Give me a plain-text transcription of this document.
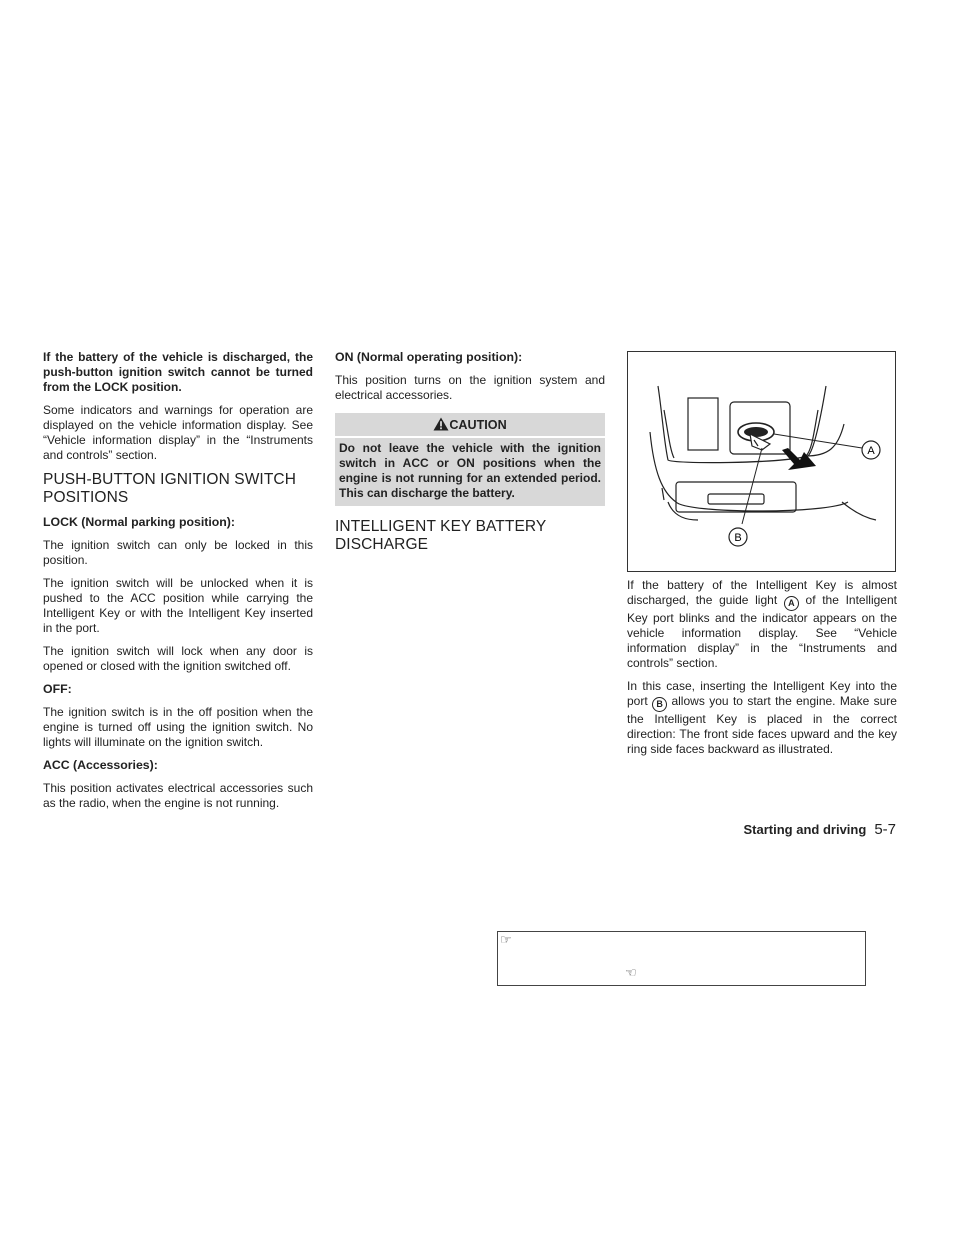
If the battery of the vehicle is discharged, the push-button ignition switch cannot be turned from the LOCK position.

Some indicators and warnings for operation are displayed on the vehicle information display. See “Vehicle information display” in the “Instruments and controls” section.

PUSH-BUTTON IGNITION SWITCH POSITIONS
LOCK (Normal parking position):

The ignition switch can only be locked in this position.

The ignition switch will be unlocked when it is pushed to the ACC position while carrying the Intelligent Key or with the Intelligent Key inserted in the port.

The ignition switch will lock when any door is opened or closed with the ignition switched off.

OFF:

The ignition switch is in the off position when the engine is turned off using the ignition switch. No lights will illuminate on the ignition switch.

ACC (Accessories):

This position activates electrical accessories such as the radio, when the engine is not running.

ON (Normal operating position):

This position turns on the ignition system and electrical accessories.

CAUTION
Do not leave the vehicle with the ignition switch in ACC or ON positions when the engine is not running for an extended period. This can discharge the battery.
INTELLIGENT KEY BATTERY DISCHARGE
A
B

If the battery of the Intelligent Key is almost discharged, the guide light A of the Intelligent Key port blinks and the indicator appears on the vehicle information display. See “Vehicle information display” in the “Instruments and controls” section.

In this case, inserting the Intelligent Key into the port B allows you to start the engine. Make sure the Intelligent Key is placed in the correct direction: The front side faces upward and the key ring side faces backward as illustrated.

Starting and driving 5-7
☞
☜
